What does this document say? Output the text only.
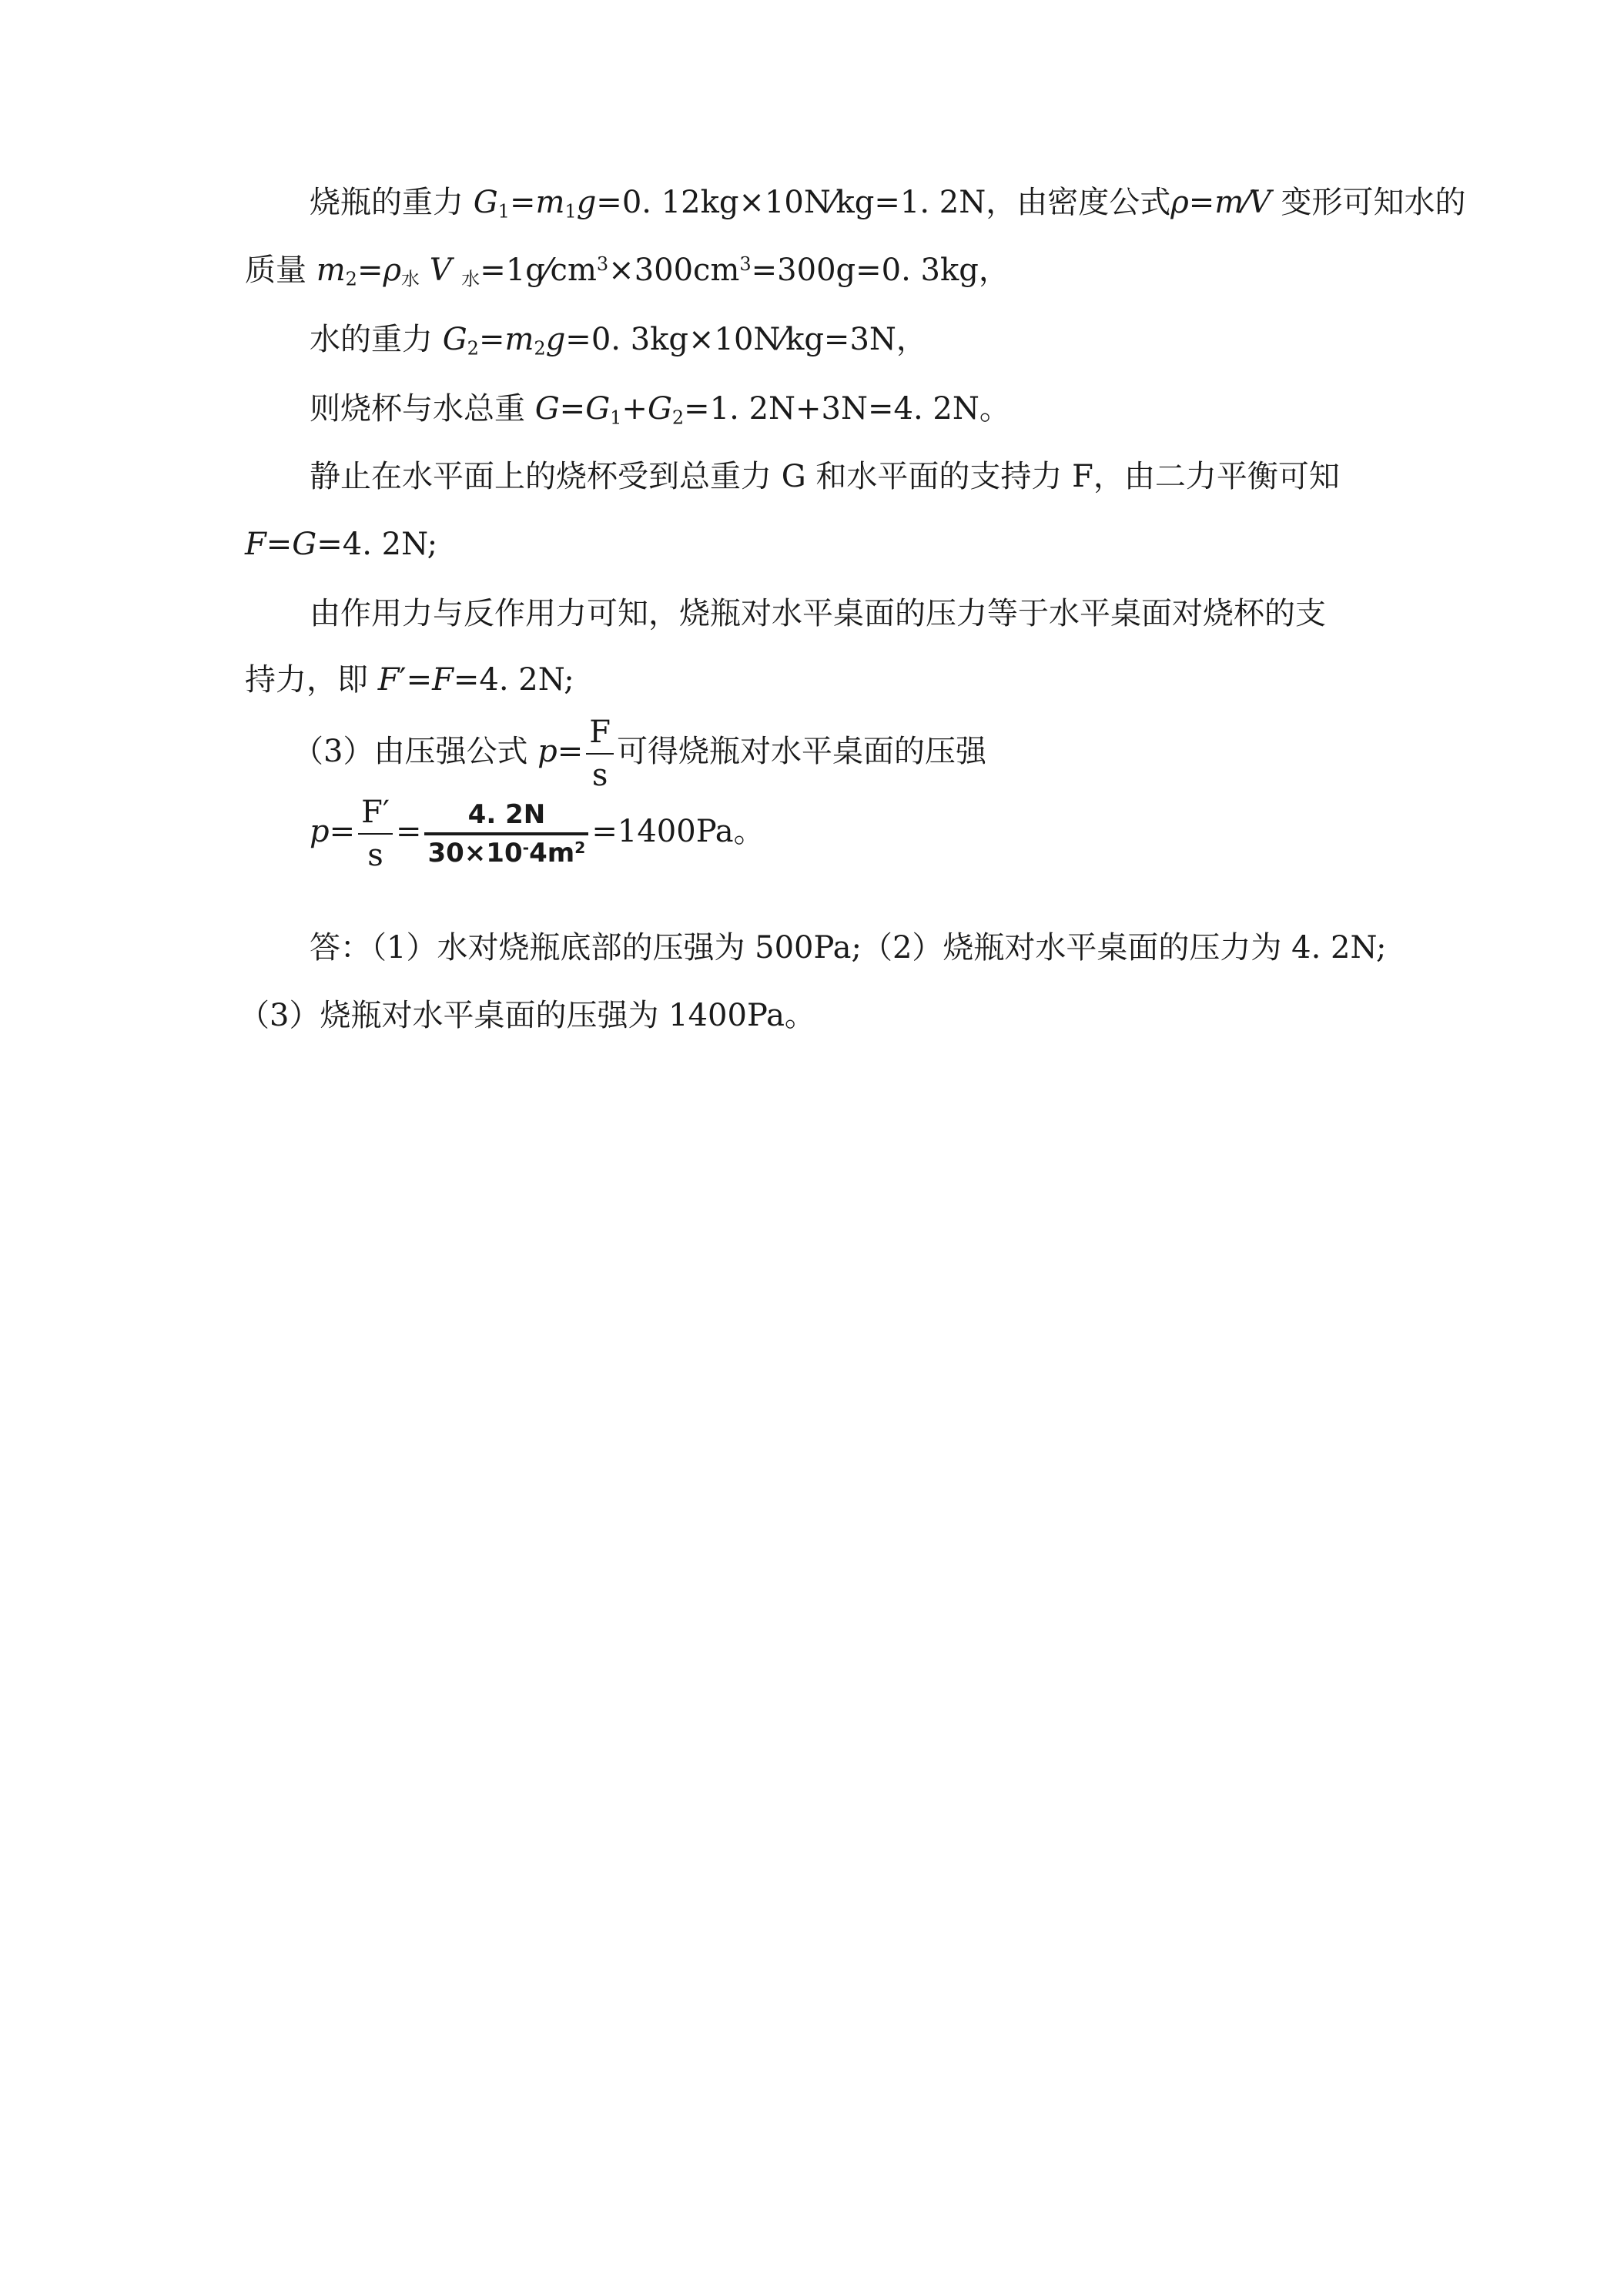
烧瓶的重力 $G_1=m_1g=0$. 12kg×10N⁄kg=1. 2N，由密度公式ρ=m⁄V 变形可知水的
质量 $m_2=\rho_水$ V $_水=1g⁄cm^3\times 300cm^3=300g=0$. 3kg，
水的重力 $G_2=m_2g=0$. 3kg×10N⁄kg=3N，
则烧杯与水总重 $G=G_1+G_2=1$. 2N+3N=4. 2N。
静止在水平面上的烧杯受到总重力 G 和水平面的支持力 F，由二力平衡可知
F=G=4. 2N;
由作用力与反作用力可知，烧瓶对水平桌面的压力等于水平桌面对烧杯的支
持力，即 F′=F=4. 2N;
（3）由压强公式 $p= \frac{F}{s}$ 可得烧瓶对水平桌面的压强
$p= \frac{F'}{s} = \frac{4. 2N}{30\times 10^-4m^2} =1400Pa$。
答：（1）水对烧瓶底部的压强为 500Pa;（2）烧瓶对水平桌面的压力为 4. 2N;
（3）烧瓶对水平桌面的压强为 1400Pa。
